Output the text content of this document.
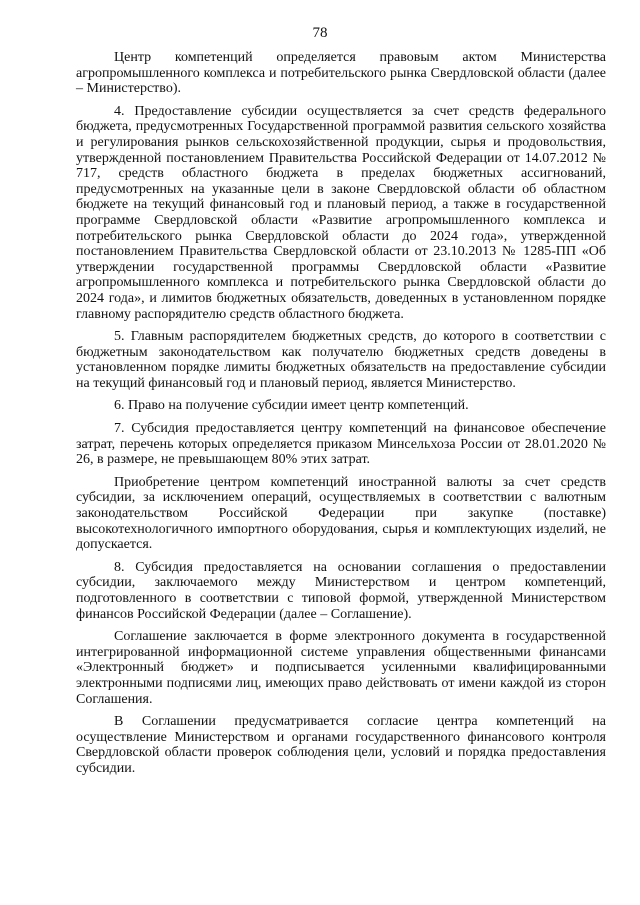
78

Центр компетенций определяется правовым актом Министерства агропромышленного комплекса и потребительского рынка Свердловской области (далее – Министерство).

4. Предоставление субсидии осуществляется за счет средств федерального бюджета, предусмотренных Государственной программой развития сельского хозяйства и регулирования рынков сельскохозяйственной продукции, сырья и продовольствия, утвержденной постановлением Правительства Российской Федерации от 14.07.2012 № 717, средств областного бюджета в пределах бюджетных ассигнований, предусмотренных на указанные цели в законе Свердловской области об областном бюджете на текущий финансовый год и плановый период, а также в государственной программе Свердловской области «Развитие агропромышленного комплекса и потребительского рынка Свердловской области до 2024 года», утвержденной постановлением Правительства Свердловской области от 23.10.2013 № 1285-ПП «Об утверждении государственной программы Свердловской области «Развитие агропромышленного комплекса и потребительского рынка Свердловской области до 2024 года», и лимитов бюджетных обязательств, доведенных в установленном порядке главному распорядителю средств областного бюджета.

5. Главным распорядителем бюджетных средств, до которого в соответствии с бюджетным законодательством как получателю бюджетных средств доведены в установленном порядке лимиты бюджетных обязательств на предоставление субсидии на текущий финансовый год и плановый период, является Министерство.

6. Право на получение субсидии имеет центр компетенций.

7. Субсидия предоставляется центру компетенций на финансовое обеспечение затрат, перечень которых определяется приказом Минсельхоза России от 28.01.2020 № 26, в размере, не превышающем 80% этих затрат.

Приобретение центром компетенций иностранной валюты за счет средств субсидии, за исключением операций, осуществляемых в соответствии с валютным законодательством Российской Федерации при закупке (поставке) высокотехнологичного импортного оборудования, сырья и комплектующих изделий, не допускается.

8. Субсидия предоставляется на основании соглашения о предоставлении субсидии, заключаемого между Министерством и центром компетенций, подготовленного в соответствии с типовой формой, утвержденной Министерством финансов Российской Федерации (далее – Соглашение).

Соглашение заключается в форме электронного документа в государственной интегрированной информационной системе управления общественными финансами «Электронный бюджет» и подписывается усиленными квалифицированными электронными подписями лиц, имеющих право действовать от имени каждой из сторон Соглашения.

В Соглашении предусматривается согласие центра компетенций на осуществление Министерством и органами государственного финансового контроля Свердловской области проверок соблюдения цели, условий и порядка предоставления субсидии.
